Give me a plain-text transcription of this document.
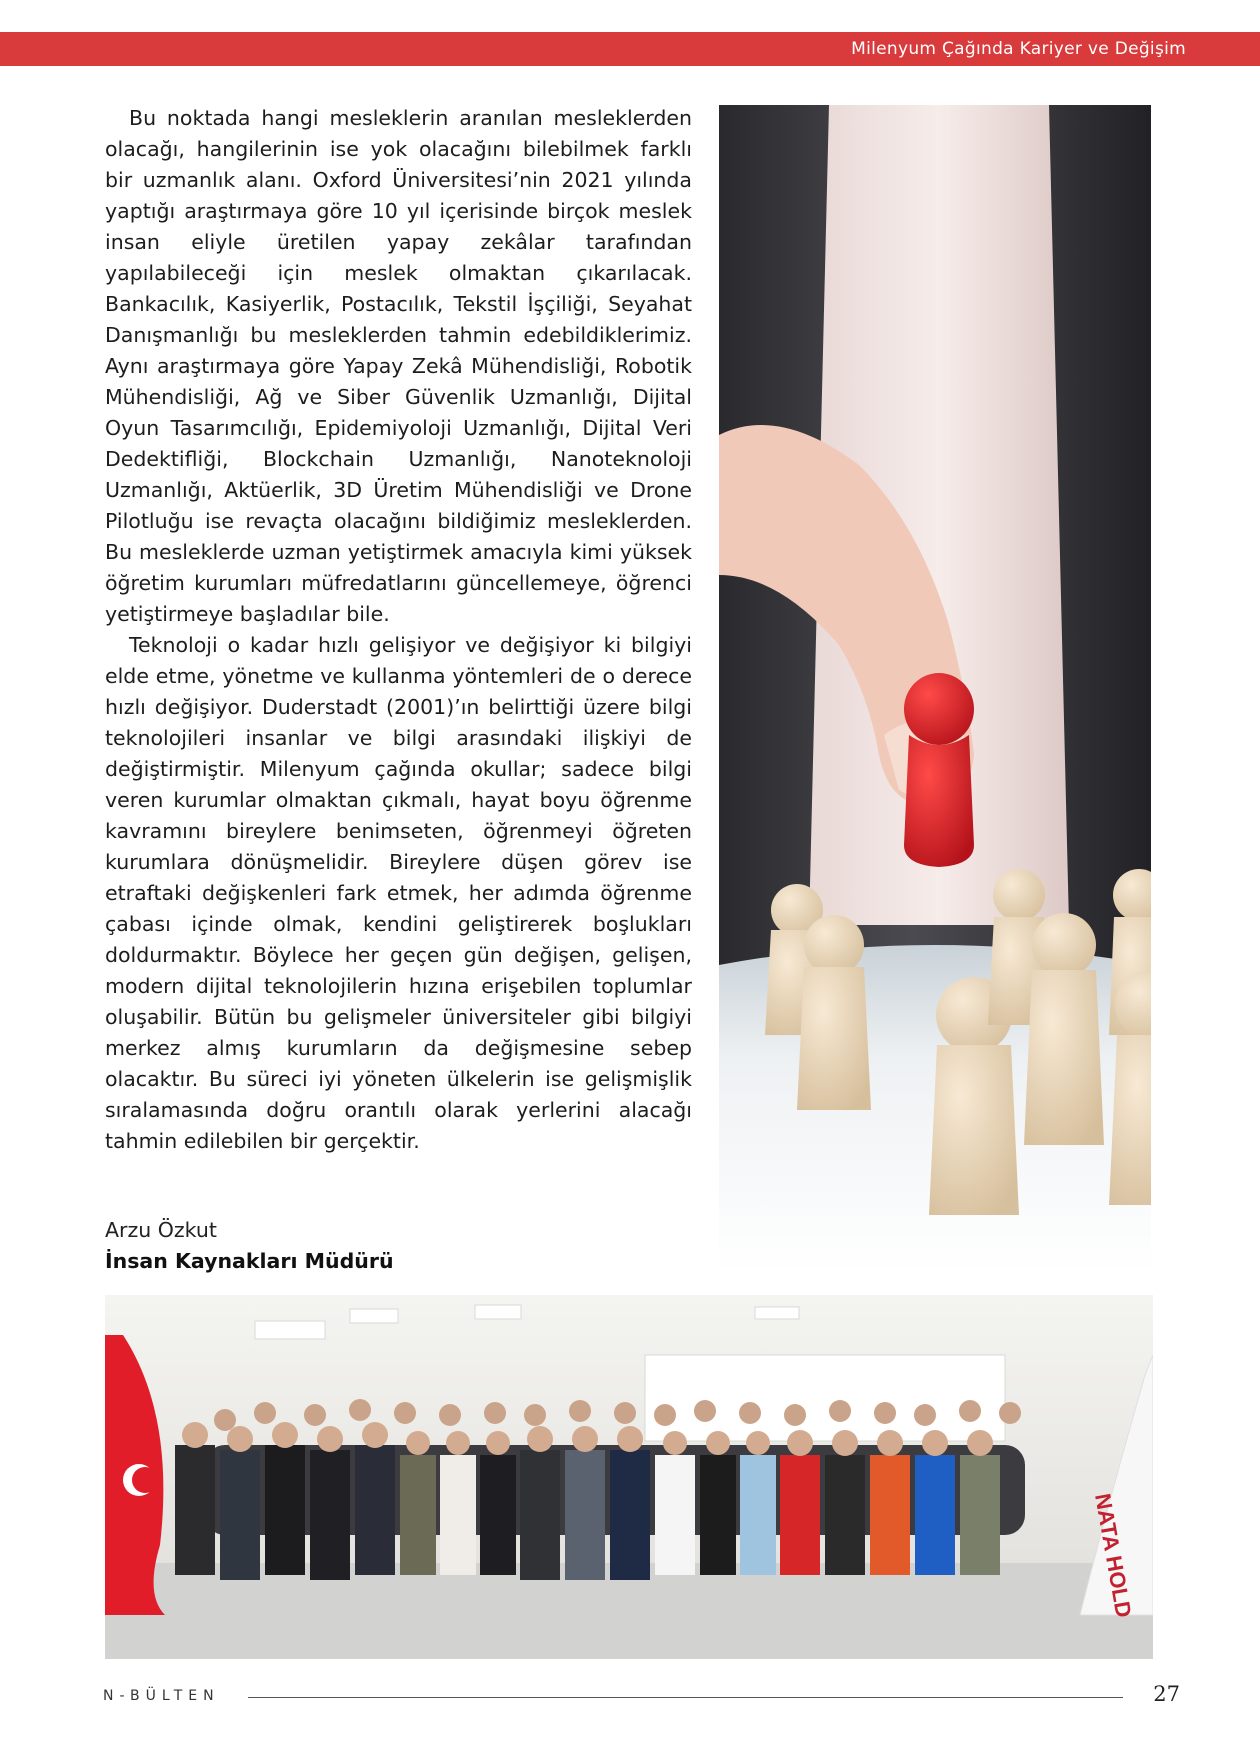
Milenyum Çağında Kariyer ve Değişim

Bu noktada hangi mesleklerin aranılan mesleklerden olacağı, hangilerinin ise yok olacağını bilebilmek farklı bir uzmanlık alanı. Oxford Üniversitesi’nin 2021 yılında yaptığı araştırmaya göre 10 yıl içerisinde birçok meslek insan eliyle üretilen yapay zekâlar tarafından yapılabileceği için meslek olmaktan çıkarılacak. Bankacılık, Kasiyerlik, Postacılık, Tekstil İşçiliği, Seyahat Danışmanlığı bu mesleklerden tahmin edebildiklerimiz. Aynı araştırmaya göre Yapay Zekâ Mühendisliği, Robotik Mühendisliği, Ağ ve Siber Güvenlik Uzmanlığı, Dijital Oyun Tasarımcılığı, Epidemiyoloji Uzmanlığı, Dijital Veri Dedektifliği, Blockchain Uzmanlığı, Nanoteknoloji Uzmanlığı, Aktüerlik, 3D Üretim Mühendisliği ve Drone Pilotluğu ise revaçta olacağını bildiğimiz mesleklerden. Bu mesleklerde uzman yetiştirmek amacıyla kimi yüksek öğretim kurumları müfredatlarını güncellemeye, öğrenci yetiştirmeye başladılar bile.

Teknoloji o kadar hızlı gelişiyor ve değişiyor ki bilgiyi elde etme, yönetme ve kullanma yöntemleri de o derece hızlı değişiyor. Duderstadt (2001)’ın belirttiği üzere bilgi teknolojileri insanlar ve bilgi arasındaki ilişkiyi de değiştirmiştir. Milenyum çağında okullar; sadece bilgi veren kurumlar olmaktan çıkmalı, hayat boyu öğrenme kavramını bireylere benimseten, öğrenmeyi öğreten kurumlara dönüşmelidir. Bireylere düşen görev ise etraftaki değişkenleri fark etmek, her adımda öğrenme çabası içinde olmak, kendini geliştirerek boşlukları doldurmaktır. Böylece her geçen gün değişen, gelişen, modern dijital teknolojilerin hızına erişebilen toplumlar oluşabilir. Bütün bu gelişmeler üniversiteler gibi bilgiyi merkez almış kurumların da değişmesine sebep olacaktır. Bu süreci iyi yöneten ülkelerin ise gelişmişlik sıralamasında doğru orantılı olarak yerlerini alacağı tahmin edilebilen bir gerçektir.

Arzu Özkut
İnsan Kaynakları Müdürü
NATA HOLD
N-BÜLTEN	27
